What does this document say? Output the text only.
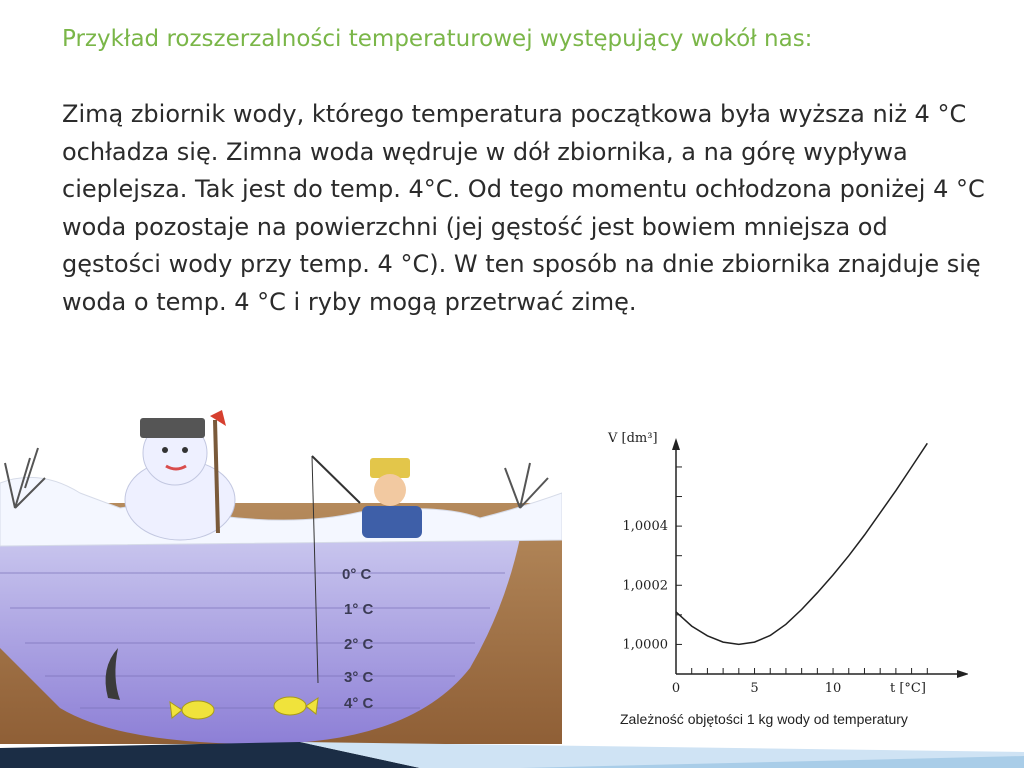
Przykład rozszerzalności temperaturowej występujący wokół nas:

Zimą zbiornik wody, którego temperatura początkowa była wyższa niż 4 °C ochładza się. Zimna woda wędruje w dół zbiornika, a na górę wypływa cieplejsza. Tak jest do temp. 4°C. Od tego momentu ochłodzona poniżej 4 °C woda pozostaje na powierzchni (jej gęstość jest bowiem mniejsza od gęstości wody przy temp. 4 °C). W ten sposób na dnie zbiornika znajduje się woda o temp. 4 °C i ryby mogą przetrwać zimę.

0° C
1° C
2° C
3° C
4° C
0	5	10
1,0000
1,0002
1,0004
V [dm³]
t [°C]
Zależność objętości 1 kg wody od temperatury
